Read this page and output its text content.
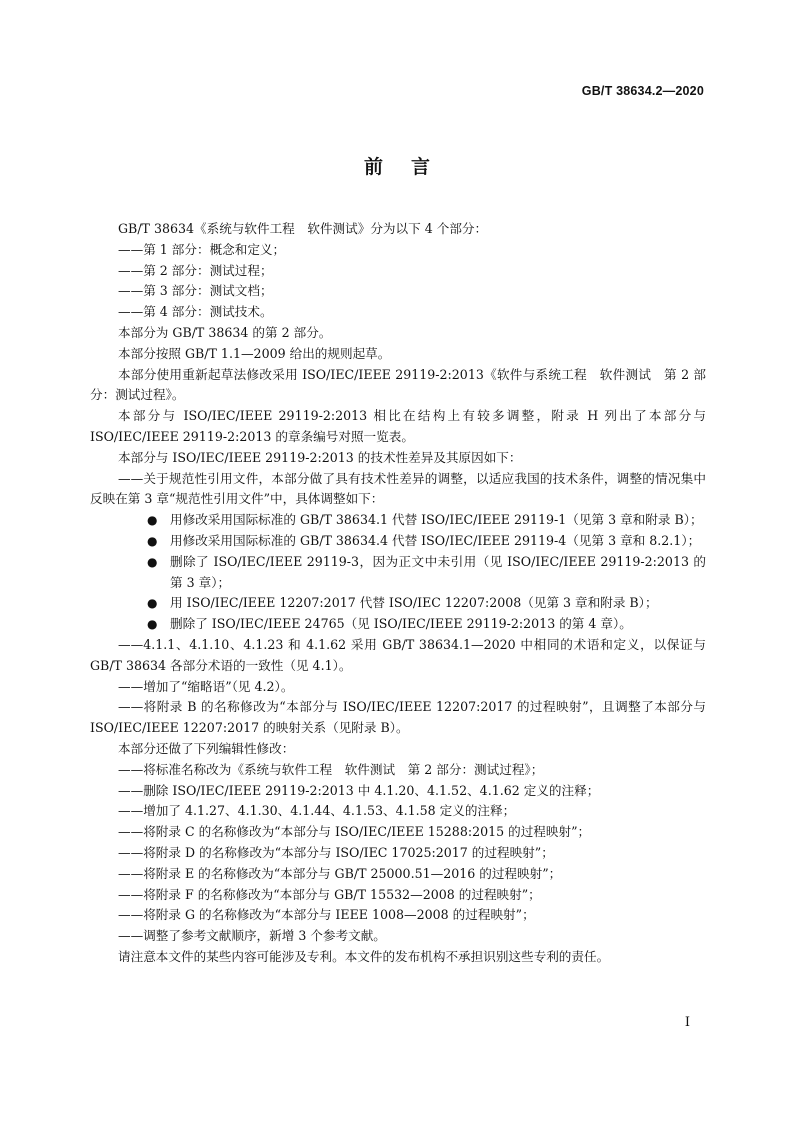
GB/T 38634.2—2020
前言
GB/T 38634《系统与软件工程　软件测试》分为以下 4 个部分：
——第 1 部分：概念和定义；
——第 2 部分：测试过程；
——第 3 部分：测试文档；
——第 4 部分：测试技术。
本部分为 GB/T 38634 的第 2 部分。
本部分按照 GB/T 1.1—2009 给出的规则起草。
本部分使用重新起草法修改采用 ISO/IEC/IEEE 29119-2:2013《软件与系统工程　软件测试　第 2 部分：测试过程》。
本部分与 ISO/IEC/IEEE 29119-2:2013 相比在结构上有较多调整，附录 H 列出了本部分与 ISO/IEC/IEEE 29119-2:2013 的章条编号对照一览表。
本部分与 ISO/IEC/IEEE 29119-2:2013 的技术性差异及其原因如下：
——关于规范性引用文件，本部分做了具有技术性差异的调整，以适应我国的技术条件，调整的情况集中反映在第 3 章“规范性引用文件”中，具体调整如下：
● 用修改采用国际标准的 GB/T 38634.1 代替 ISO/IEC/IEEE 29119-1（见第 3 章和附录 B）；
● 用修改采用国际标准的 GB/T 38634.4 代替 ISO/IEC/IEEE 29119-4（见第 3 章和 8.2.1）；
● 删除了 ISO/IEC/IEEE 29119-3，因为正文中未引用（见 ISO/IEC/IEEE 29119-2:2013 的第 3 章）；
● 用 ISO/IEC/IEEE 12207:2017 代替 ISO/IEC 12207:2008（见第 3 章和附录 B）；
● 删除了 ISO/IEC/IEEE 24765（见 ISO/IEC/IEEE 29119-2:2013 的第 4 章）。
——4.1.1、4.1.10、4.1.23 和 4.1.62 采用 GB/T 38634.1—2020 中相同的术语和定义，以保证与 GB/T 38634 各部分术语的一致性（见 4.1）。
——增加了“缩略语”（见 4.2）。
——将附录 B 的名称修改为“本部分与 ISO/IEC/IEEE 12207:2017 的过程映射”，且调整了本部分与 ISO/IEC/IEEE 12207:2017 的映射关系（见附录 B）。
本部分还做了下列编辑性修改：
——将标准名称改为《系统与软件工程　软件测试　第 2 部分：测试过程》；
——删除 ISO/IEC/IEEE 29119-2:2013 中 4.1.20、4.1.52、4.1.62 定义的注释；
——增加了 4.1.27、4.1.30、4.1.44、4.1.53、4.1.58 定义的注释；
——将附录 C 的名称修改为“本部分与 ISO/IEC/IEEE 15288:2015 的过程映射”；
——将附录 D 的名称修改为“本部分与 ISO/IEC 17025:2017 的过程映射”；
——将附录 E 的名称修改为“本部分与 GB/T 25000.51—2016 的过程映射”；
——将附录 F 的名称修改为“本部分与 GB/T 15532—2008 的过程映射”；
——将附录 G 的名称修改为“本部分与 IEEE 1008—2008 的过程映射”；
——调整了参考文献顺序，新增 3 个参考文献。
请注意本文件的某些内容可能涉及专利。本文件的发布机构不承担识别这些专利的责任。
I
